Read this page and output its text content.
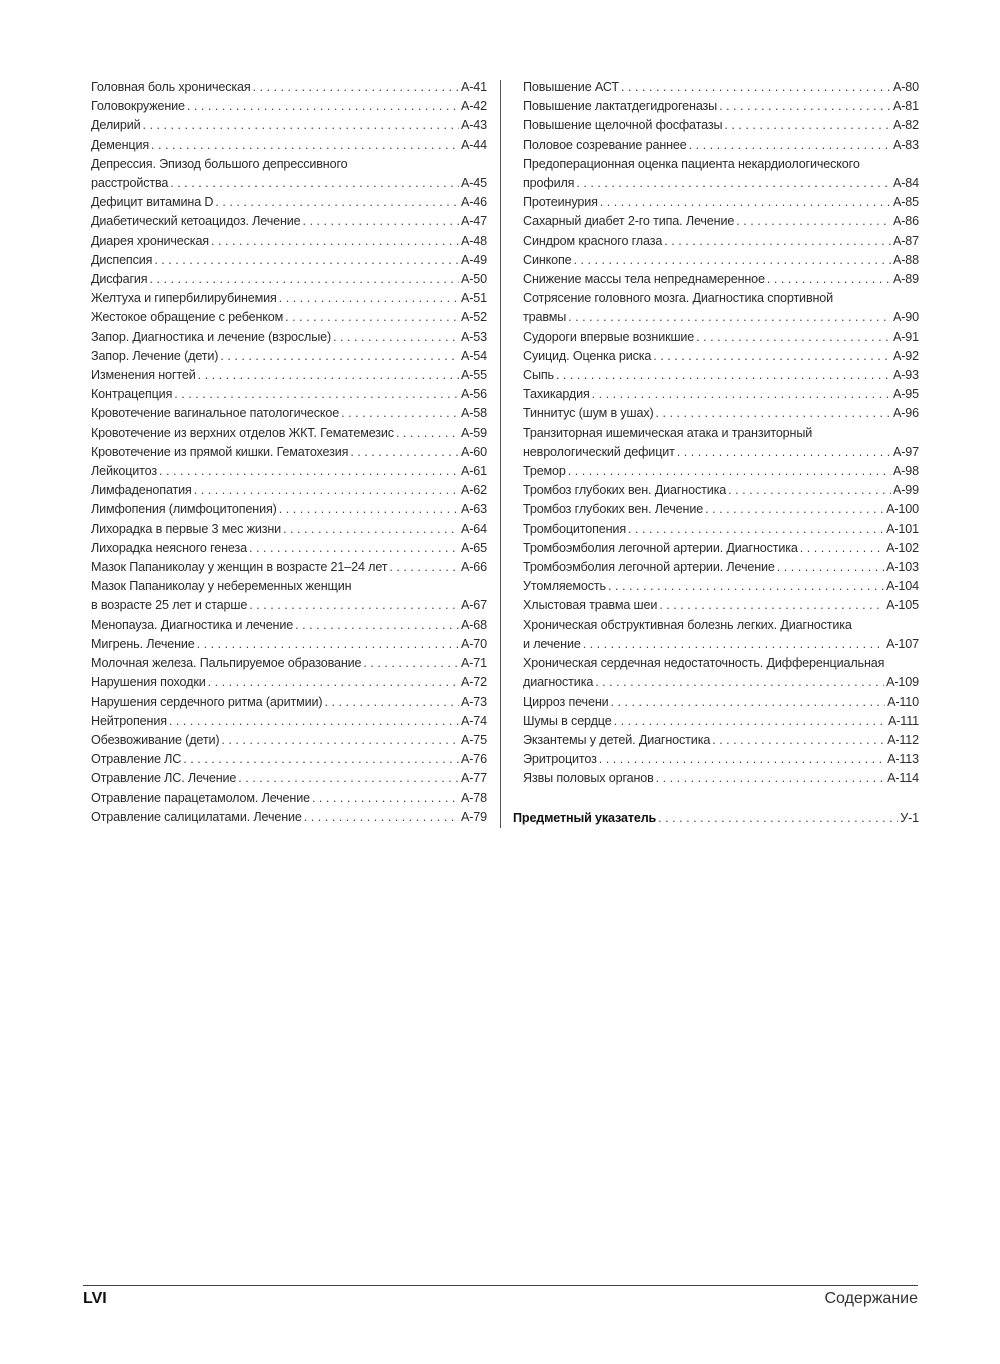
Головная боль хроническая . . .	A-41
Головокружение . . .	A-42
Делирий . . .	A-43
Деменция . . .	A-44
Депрессия. Эпизод большого депрессивного
расстройства . . .	A-45
Дефицит витамина D . . .	A-46
Диабетический кетоацидоз. Лечение . . .	A-47
Диарея хроническая . . .	A-48
Диспепсия . . .	A-49
Дисфагия . . .	A-50
Желтуха и гипербилирубинемия . . .	A-51
Жестокое обращение с ребенком . . .	A-52
Запор. Диагностика и лечение (взрослые) . . .	A-53
Запор. Лечение (дети) . . .	A-54
Изменения ногтей . . .	A-55
Контрацепция . . .	A-56
Кровотечение вагинальное патологическое . . .	A-58
Кровотечение из верхних отделов ЖКТ. Гематемезис . . .	A-59
Кровотечение из прямой кишки. Гематохезия . . .	A-60
Лейкоцитоз . . .	A-61
Лимфаденопатия . . .	A-62
Лимфопения (лимфоцитопения) . . .	A-63
Лихорадка в первые 3 мес жизни . . .	A-64
Лихорадка неясного генеза . . .	A-65
Мазок Папаниколау у женщин в возрасте 21–24 лет . . .	A-66
Мазок Папаниколау у небеременных женщин
в возрасте 25 лет и старше . . .	A-67
Менопауза. Диагностика и лечение . . .	A-68
Мигрень. Лечение . . .	A-70
Молочная железа. Пальпируемое образование . . .	A-71
Нарушения походки . . .	A-72
Нарушения сердечного ритма (аритмии) . . .	A-73
Нейтропения . . .	A-74
Обезвоживание (дети) . . .	A-75
Отравление ЛС . . .	A-76
Отравление ЛС. Лечение . . .	A-77
Отравление парацетамолом. Лечение . . .	A-78
Отравление салицилатами. Лечение . . .	A-79
Повышение АСТ . . .	A-80
Повышение лактатдегидрогеназы . . .	A-81
Повышение щелочной фосфатазы . . .	A-82
Половое созревание раннее . . .	A-83
Предоперационная оценка пациента некардиологического
профиля . . .	A-84
Протеинурия . . .	A-85
Сахарный диабет 2-го типа. Лечение . . .	A-86
Синдром красного глаза . . .	A-87
Синкопе . . .	A-88
Снижение массы тела непреднамеренное . . .	A-89
Сотрясение головного мозга. Диагностика спортивной
травмы . . .	A-90
Судороги впервые возникшие . . .	A-91
Суицид. Оценка риска . . .	A-92
Сыпь . . .	A-93
Тахикардия . . .	A-95
Тиннитус (шум в ушах) . . .	A-96
Транзиторная ишемическая атака и транзиторный
неврологический дефицит . . .	A-97
Тремор . . .	A-98
Тромбоз глубоких вен. Диагностика . . .	A-99
Тромбоз глубоких вен. Лечение . . .	A-100
Тромбоцитопения . . .	A-101
Тромбоэмболия легочной артерии. Диагностика . . .	A-102
Тромбоэмболия легочной артерии. Лечение . . .	A-103
Утомляемость . . .	A-104
Хлыстовая травма шеи . . .	A-105
Хроническая обструктивная болезнь легких. Диагностика
и лечение . . .	A-107
Хроническая сердечная недостаточность. Дифференциальная
диагностика . . .	A-109
Цирроз печени . . .	A-110
Шумы в сердце . . .	A-111
Экзантемы у детей. Диагностика . . .	A-112
Эритроцитоз . . .	A-113
Язвы половых органов . . .	A-114
Предметный указатель . . .	У-1
LVI	Содержание
